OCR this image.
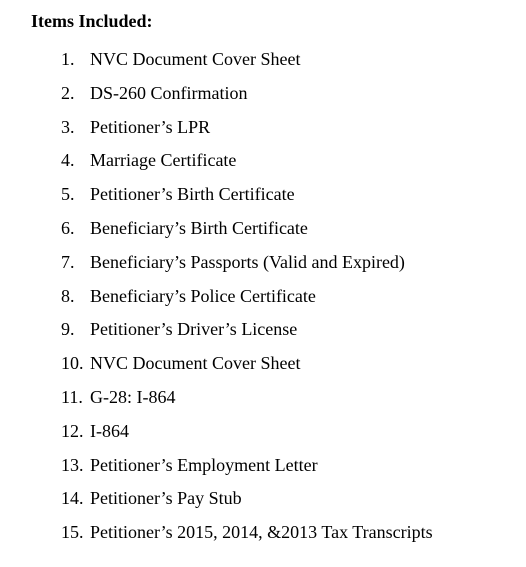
Items Included:
1. NVC Document Cover Sheet
2. DS-260 Confirmation
3. Petitioner’s LPR
4. Marriage Certificate
5. Petitioner’s Birth Certificate
6. Beneficiary’s Birth Certificate
7. Beneficiary’s Passports (Valid and Expired)
8. Beneficiary’s Police Certificate
9. Petitioner’s Driver’s License
10. NVC Document Cover Sheet
11. G-28: I-864
12. I-864
13. Petitioner’s Employment Letter
14. Petitioner’s Pay Stub
15. Petitioner’s 2015, 2014, &2013 Tax Transcripts
